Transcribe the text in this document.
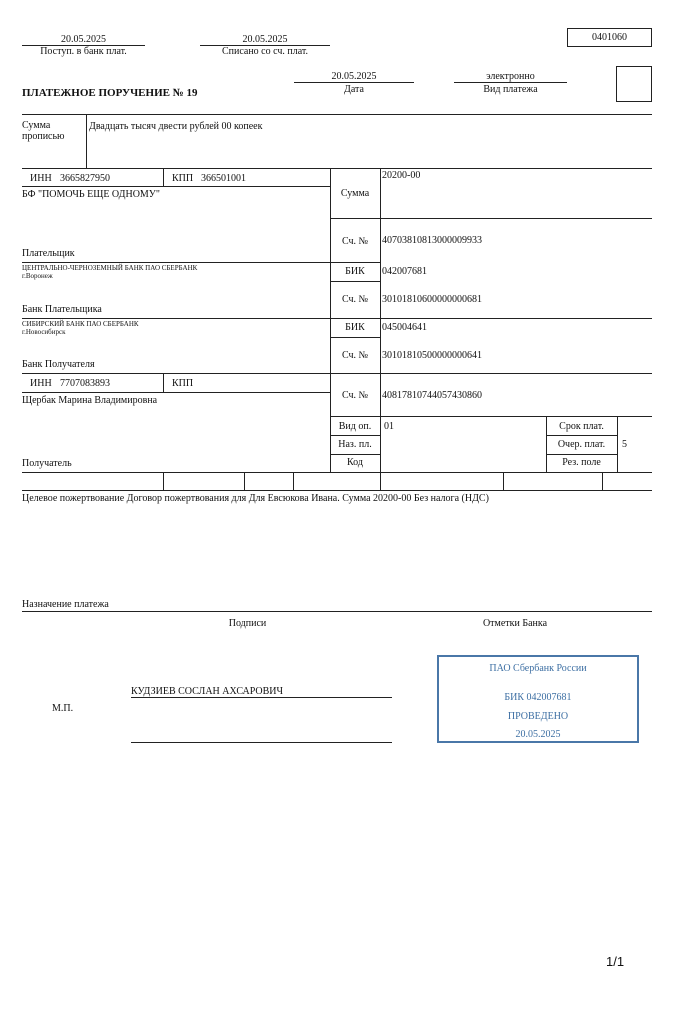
20.05.2025
Поступ. в банк плат.
20.05.2025
Списано со сч. плат.
0401060
20.05.2025
Дата
электронно
Вид платежа
ПЛАТЕЖНОЕ ПОРУЧЕНИЕ № 19
Сумма
прописью
Двадцать тысяч двести рублей 00 копеек
ИНН 3665827950	КПП 366501001
БФ "ПОМОЧЬ ЕЩЕ ОДНОМУ"
Плательщик
Сумма
20200-00
Сч. №	40703810813000009933
ЦЕНТРАЛЬНО-ЧЕРНОЗЕМНЫЙ БАНК ПАО СБЕРБАНК
г.Воронеж
Банк Плательщика
БИК	042007681
Сч. №	30101810600000000681
СИБИРСКИЙ БАНК ПАО СБЕРБАНК
г.Новосибирск
Банк Получателя
БИК	045004641
Сч. №	30101810500000000641
ИНН 7707083893	КПП
Щербак Марина Владимировна
Получатель
Сч. №	40817810744057430860
Вид оп.	01
Наз. пл.
Код
Срок плат.
Очер. плат.	5
Рез. поле
Целевое пожертвование Договор пожертвования для Для Евсюкова Ивана. Сумма 20200-00 Без налога (НДС)
Назначение платежа
Подписи	Отметки Банка
М.П.
КУДЗИЕВ СОСЛАН АХСАРОВИЧ
ПАО Сбербанк России
БИК 042007681
ПРОВЕДЕНО
20.05.2025
1/1
